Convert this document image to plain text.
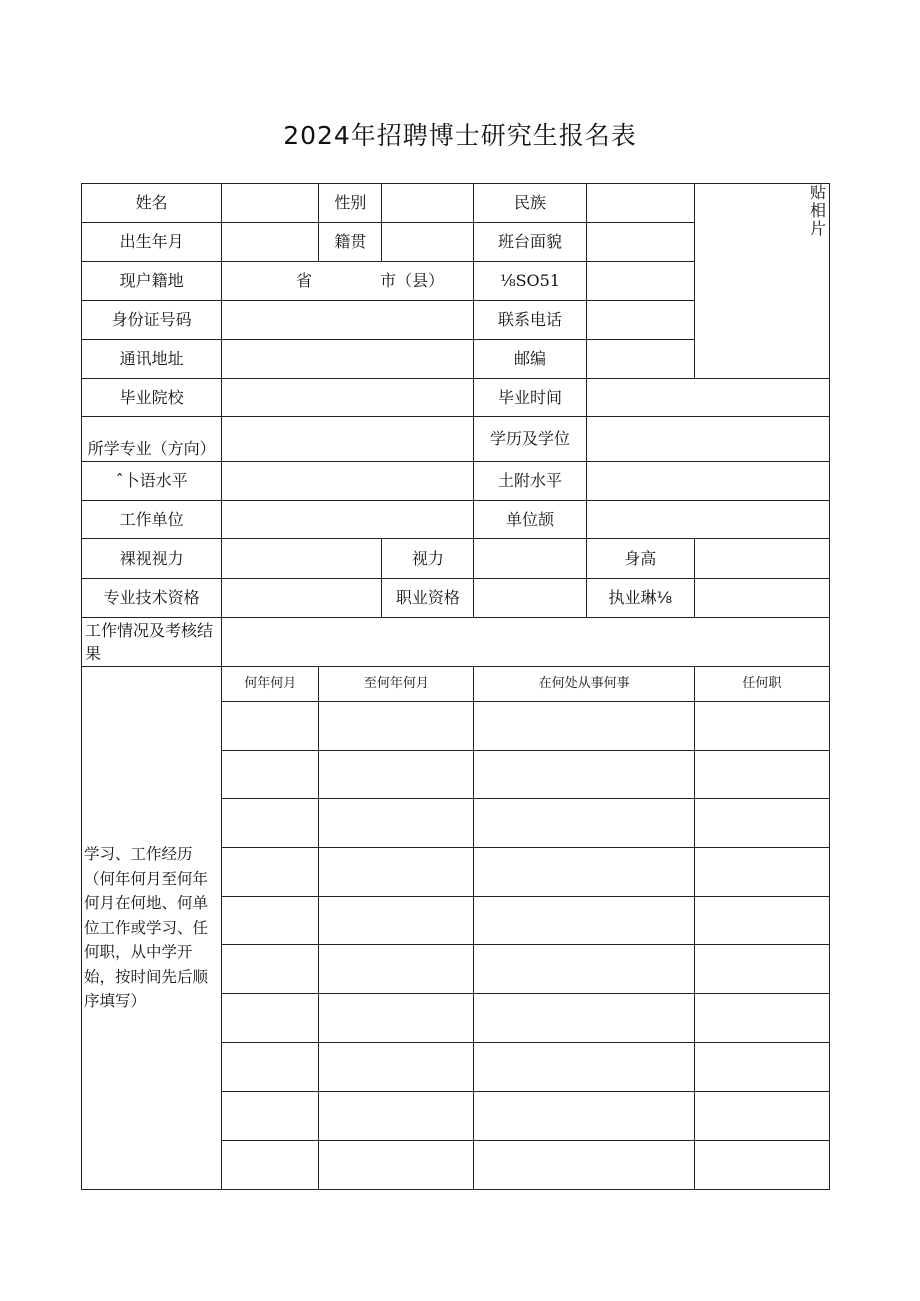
2024年招聘博士研究生报名表
姓名		性别		民族		贴相片
出生年月		籍贯		班台面貌		
现户籍地	省 市（县）			⅛SO51		
身份证号码				联系电话		
通讯地址				邮编		
毕业院校				毕业时间		
所学专业（方向）				学历及学位		
ˆ卜语水平				土附水平		
工作单位				单位颉		
裸视视力			视力		身高	
专业技术资格			职业资格		执业琳⅛	
工作情况及考核结果						
学习、工作经历（何年何月至何年何月在何地、何单位工作或学习、任何职，从中学开始，按时间先后顺序填写）	何年何月	至何年何月		在何处从事何事		任何职
